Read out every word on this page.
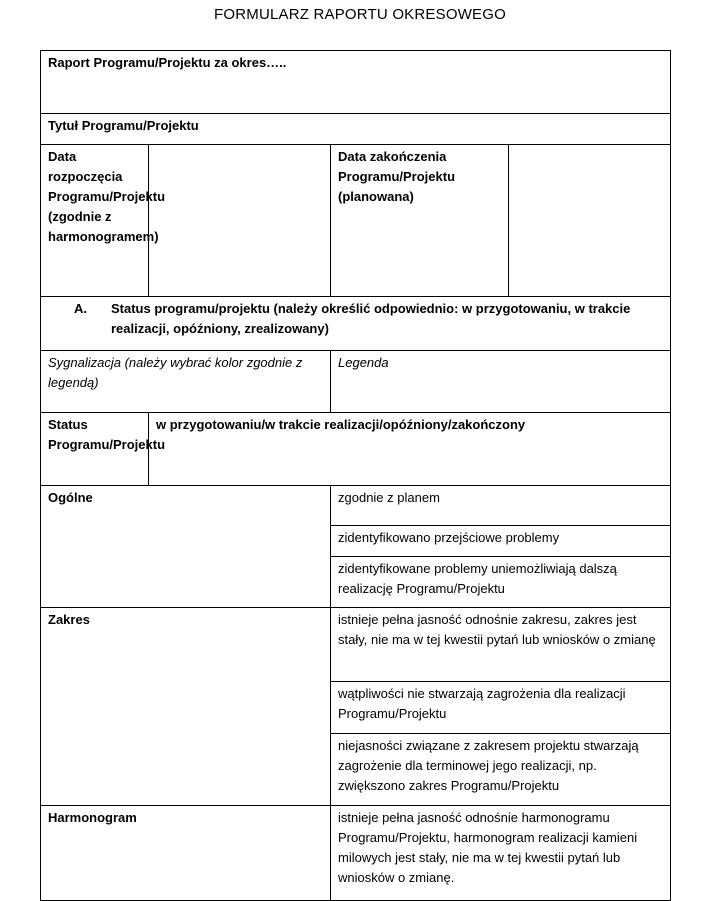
FORMULARZ RAPORTU OKRESOWEGO
Raport Programu/Projektu za okres…..			
Tytuł Programu/Projektu			
Data rozpoczęcia Programu/Projektu (zgodnie z harmonogramem)		Data zakończenia Programu/Projektu (planowana)	

A. Status programu/projektu (należy określić odpowiednio: w przygotowaniu, w trakcie realizacji, opóźniony, zrealizowany)			

Sygnalizacja (należy wybrać kolor zgodnie z legendą)		Legenda	
Status Programu/Projektu	w przygotowaniu/w trakcie realizacji/opóźniony/zakończony		
Ogólne		zgodnie z planem	
		zidentyfikowano przejściowe problemy	
		zidentyfikowane problemy uniemożliwiają dalszą realizację Programu/Projektu	
Zakres		istnieje pełna jasność odnośnie zakresu, zakres jest stały, nie ma w tej kwestii pytań lub wniosków o zmianę	
		wątpliwości nie stwarzają zagrożenia dla realizacji Programu/Projektu	
		niejasności związane z zakresem projektu stwarzają zagrożenie dla terminowej jego realizacji, np. zwiększono zakres Programu/Projektu	
Harmonogram		istnieje pełna jasność odnośnie harmonogramu Programu/Projektu, harmonogram realizacji kamieni milowych jest stały, nie ma w tej kwestii pytań lub wniosków o zmianę.	
